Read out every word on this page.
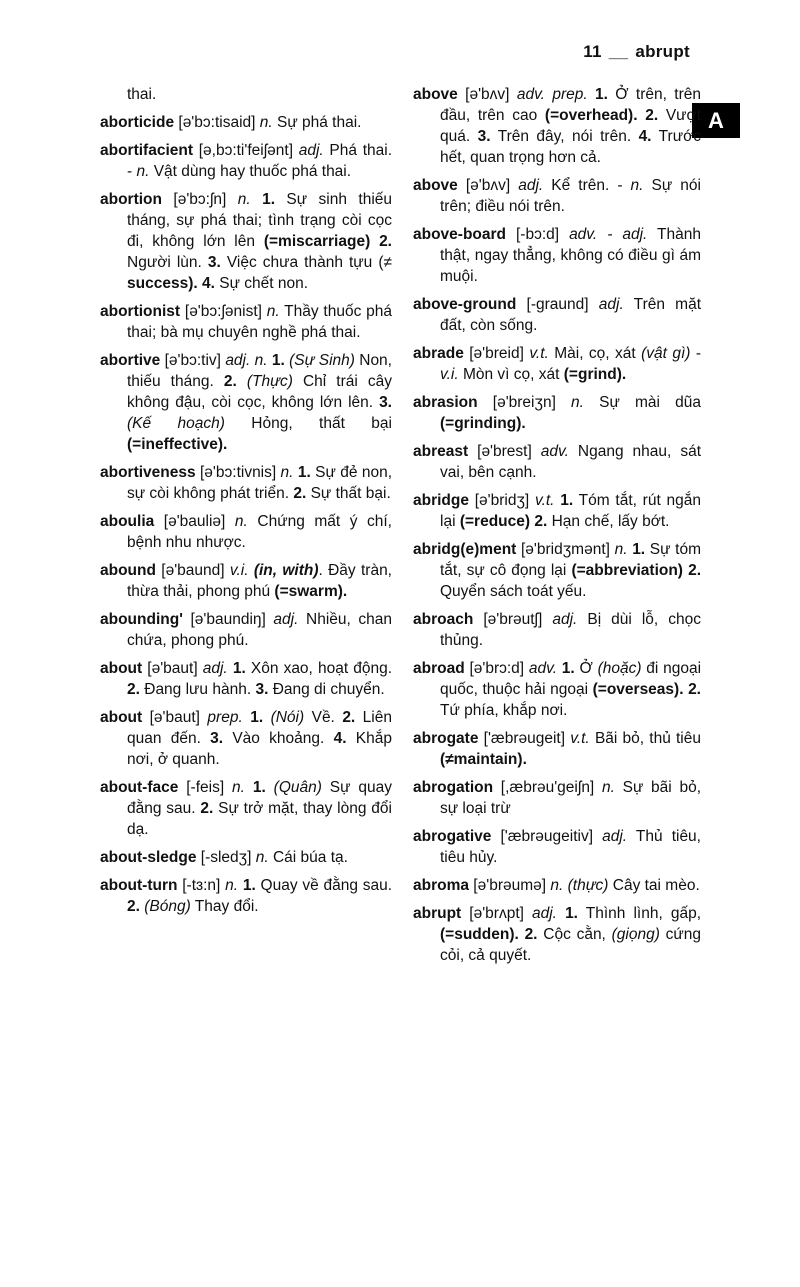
11 __ abrupt
A

thai.

aborticide [ə'bɔ:tisaid] n. Sự phá thai.

abortifacient [ə,bɔ:ti'feiʃənt] adj. Phá thai. - n. Vật dùng hay thuốc phá thai.

abortion [ə'bɔ:ʃn] n. 1. Sự sinh thiếu tháng, sự phá thai; tình trạng còi cọc đi, không lớn lên (=miscarriage) 2. Người lùn. 3. Việc chưa thành tựu (≠ success). 4. Sự chết non.

abortionist [ə'bɔ:ʃənist] n. Thầy thuốc phá thai; bà mụ chuyên nghề phá thai.

abortive [ə'bɔ:tiv] adj. n. 1. (Sự Sinh) Non, thiếu tháng. 2. (Thực) Chỉ trái cây không đậu, còi cọc, không lớn lên. 3. (Kế hoạch) Hỏng, thất bại (=ineffective).

abortiveness [ə'bɔ:tivnis] n. 1. Sự đẻ non, sự còi không phát triển. 2. Sự thất bại.

aboulia [ə'bauliə] n. Chứng mất ý chí, bệnh nhu nhược.

abound [ə'baund] v.i. (in, with). Đầy tràn, thừa thải, phong phú (=swarm).

abounding' [ə'baundiŋ] adj. Nhiều, chan chứa, phong phú.

about [ə'baut] adj. 1. Xôn xao, hoạt động. 2. Đang lưu hành. 3. Đang di chuyển.

about [ə'baut] prep. 1. (Nói) Về. 2. Liên quan đến. 3. Vào khoảng. 4. Khắp nơi, ở quanh.

about-face [-feis] n. 1. (Quân) Sự quay đằng sau. 2. Sự trở mặt, thay lòng đổi dạ.

about-sledge [-sledʒ] n. Cái búa tạ.

about-turn [-tɜ:n] n. 1. Quay về đằng sau. 2. (Bóng) Thay đổi.

above [ə'bʌv] adv. prep. 1. Ở trên, trên đầu, trên cao (=overhead). 2. Vượt quá. 3. Trên đây, nói trên. 4. Trước hết, quan trọng hơn cả.

above [ə'bʌv] adj. Kể trên. - n. Sự nói trên; điều nói trên.

above-board [-bɔ:d] adv. - adj. Thành thật, ngay thẳng, không có điều gì ám muội.

above-ground [-graund] adj. Trên mặt đất, còn sống.

abrade [ə'breid] v.t. Mài, cọ, xát (vật gì) - v.i. Mòn vì cọ, xát (=grind).

abrasion [ə'breiʒn] n. Sự mài dũa (=grinding).

abreast [ə'brest] adv. Ngang nhau, sát vai, bên cạnh.

abridge [ə'bridʒ] v.t. 1. Tóm tắt, rút ngắn lại (=reduce) 2. Hạn chế, lấy bớt.

abridg(e)ment [ə'bridʒmənt] n. 1. Sự tóm tắt, sự cô đọng lại (=abbreviation) 2. Quyển sách toát yếu.

abroach [ə'brəutʃ] adj. Bị dùi lỗ, chọc thủng.

abroad [ə'brɔ:d] adv. 1. Ở (hoặc) đi ngoại quốc, thuộc hải ngoại (=overseas). 2. Tứ phía, khắp nơi.

abrogate ['æbrəugeit] v.t. Bãi bỏ, thủ tiêu (≠maintain).

abrogation [,æbrəu'geiʃn] n. Sự bãi bỏ, sự loại trừ

abrogative ['æbrəugeitiv] adj. Thủ tiêu, tiêu hủy.

abroma [ə'brəumə] n. (thực) Cây tai mèo.

abrupt [ə'brʌpt] adj. 1. Thình lình, gấp, (=sudden). 2. Cộc cằn, (giọng) cứng cỏi, cả quyết.
